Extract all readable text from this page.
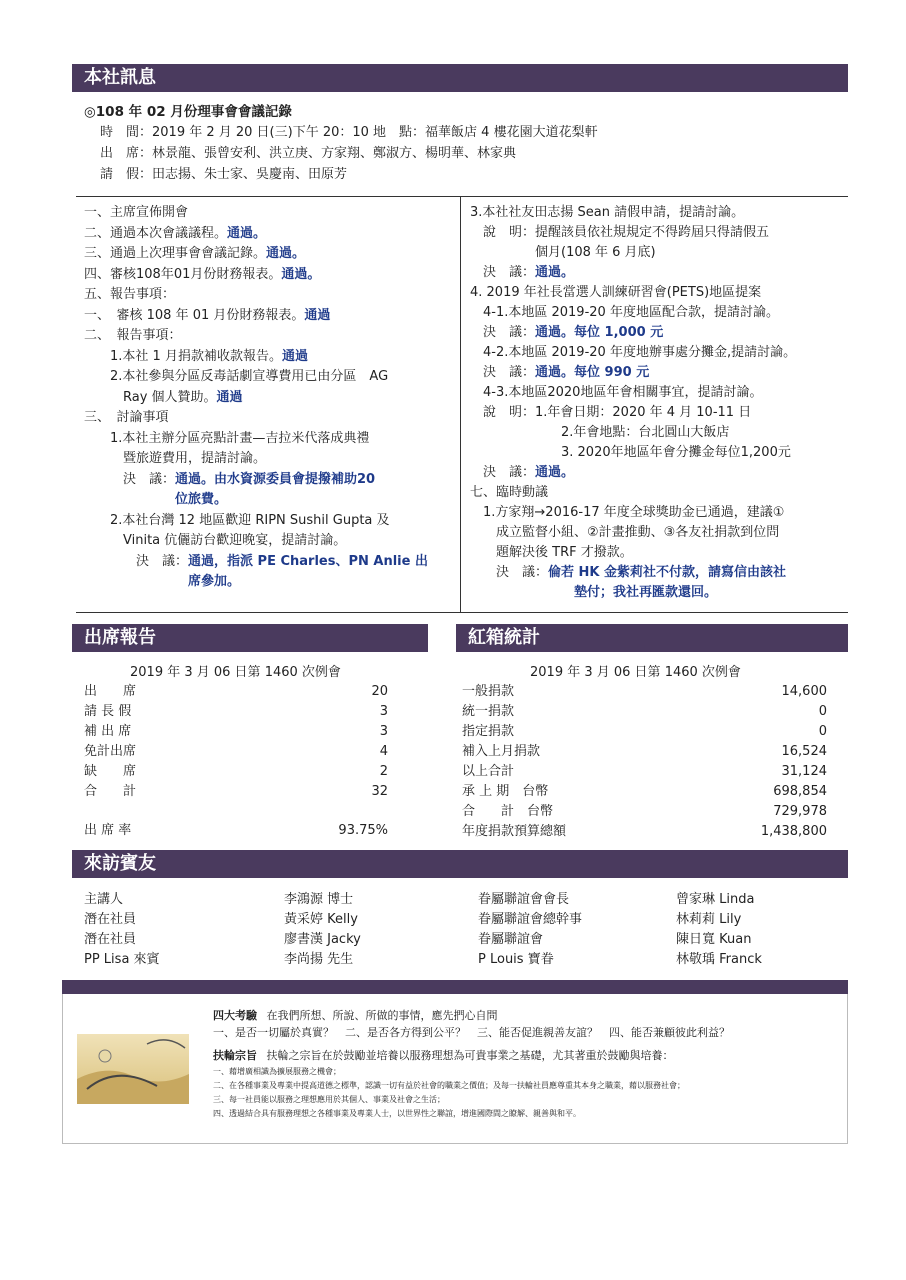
本社訊息
◎108 年 02 月份理事會會議記錄
時　間：2019 年 2 月 20 日(三)下午 20：10 地　點：福華飯店 4 樓花園大道花梨軒
出　席：林景龍、張曾安利、洪立庚、方家翔、鄭淑方、楊明華、林家典
請　假：田志揚、朱士家、吳慶南、田原芳
一、主席宣佈開會
二、通過本次會議議程。通過。
三、通過上次理事會會議記錄。通過。
四、審核108年01月份財務報表。通過。
五、報告事項：
一、　審核 108 年 01 月份財務報表。通過
二、　報告事項：
　　1.本社 1 月捐款補收款報告。通過
　　2.本社參與分區反毒話劇宣導費用已由分區　AG
　　　Ray 個人贊助。通過
三、　討論事項
　　1.本社主辦分區亮點計畫—吉拉米代落成典禮
　　　暨旅遊費用，提請討論。
　　　決　議：通過。由水資源委員會提撥補助20
　　　　　　　位旅費。
　　2.本社台灣 12 地區歡迎 RIPN Sushil Gupta 及
　　　Vinita 伉儷訪台歡迎晚宴，提請討論。
　　　　決　議：通過，指派 PE Charles、PN Anlie 出
　　　　　　　　席參加。
3.本社社友田志揚 Sean 請假申請，提請討論。
　說　明：提醒該員依社規規定不得跨屆只得請假五
　　　　　個月(108 年 6 月底)
　決　議：通過。
4. 2019 年社長當選人訓練研習會(PETS)地區提案
　4-1.本地區 2019-20 年度地區配合款，提請討論。
　決　議：通過。每位 1,000 元
　4-2.本地區 2019-20 年度地辦事處分攤金,提請討論。
　決　議：通過。每位 990 元
　4-3.本地區2020地區年會相關事宜，提請討論。
　說　明：1.年會日期：2020 年 4 月 10-11 日
　　　　　　　2.年會地點：台北圓山大飯店
　　　　　　　3. 2020年地區年會分攤金每位1,200元
　決　議：通過。
七、臨時動議
　1.方家翔→2016-17 年度全球獎助金已通過，建議①
　　成立監督小組、②計畫推動、③各友社捐款到位問
　　題解決後 TRF 才撥款。
　　決　議：倫若 HK 金紫莉社不付款，請寫信由該社
　　　　　　　　墊付；我社再匯款還回。
出席報告	紅箱統計
2019 年 3 月 06 日第 1460 次例會
出　　席	20
請 長 假	3
補 出 席	3
免計出席	4
缺　　席	2
合　　計	32
出 席 率	93.75%
2019 年 3 月 06 日第 1460 次例會
一般捐款	14,600
統一捐款	0
指定捐款	0
補入上月捐款	16,524
以上合計	31,124
承 上 期　台幣	698,854
合　　計　台幣	729,978
年度捐款預算總額	1,438,800
來訪賓友
主講人	李鴻源 博士	眷屬聯誼會會長	曾家琳 Linda
潛在社員	黃采婷 Kelly	眷屬聯誼會總幹事	林莉莉 Lily
潛在社員	廖書漢 Jacky	眷屬聯誼會	陳日寬 Kuan
PP Lisa 來賓	李尚揚 先生	P Louis 寶眷	林敬瑀 Franck
四大考驗 在我們所想、所說、所做的事情，應先捫心自問
一、是否一切屬於真實？　二、是否各方得到公平？　三、能否促進親善友誼？　四、能否兼顧彼此利益？
扶輪宗旨 扶輪之宗旨在於鼓勵並培養以服務理想為可貴事業之基礎，尤其著重於鼓勵與培養：
一、藉增廣相識為擴展服務之機會；
二、在各種事業及專業中提高道德之標準，認識一切有益於社會的職業之價值；及每一扶輪社員應尊重其本身之職業，藉以服務社會；
三、每一社員能以服務之理想應用於其個人、事業及社會之生活；
四、透過結合具有服務理想之各種事業及專業人士，以世界性之聯誼，增進國際間之瞭解、親善與和平。
